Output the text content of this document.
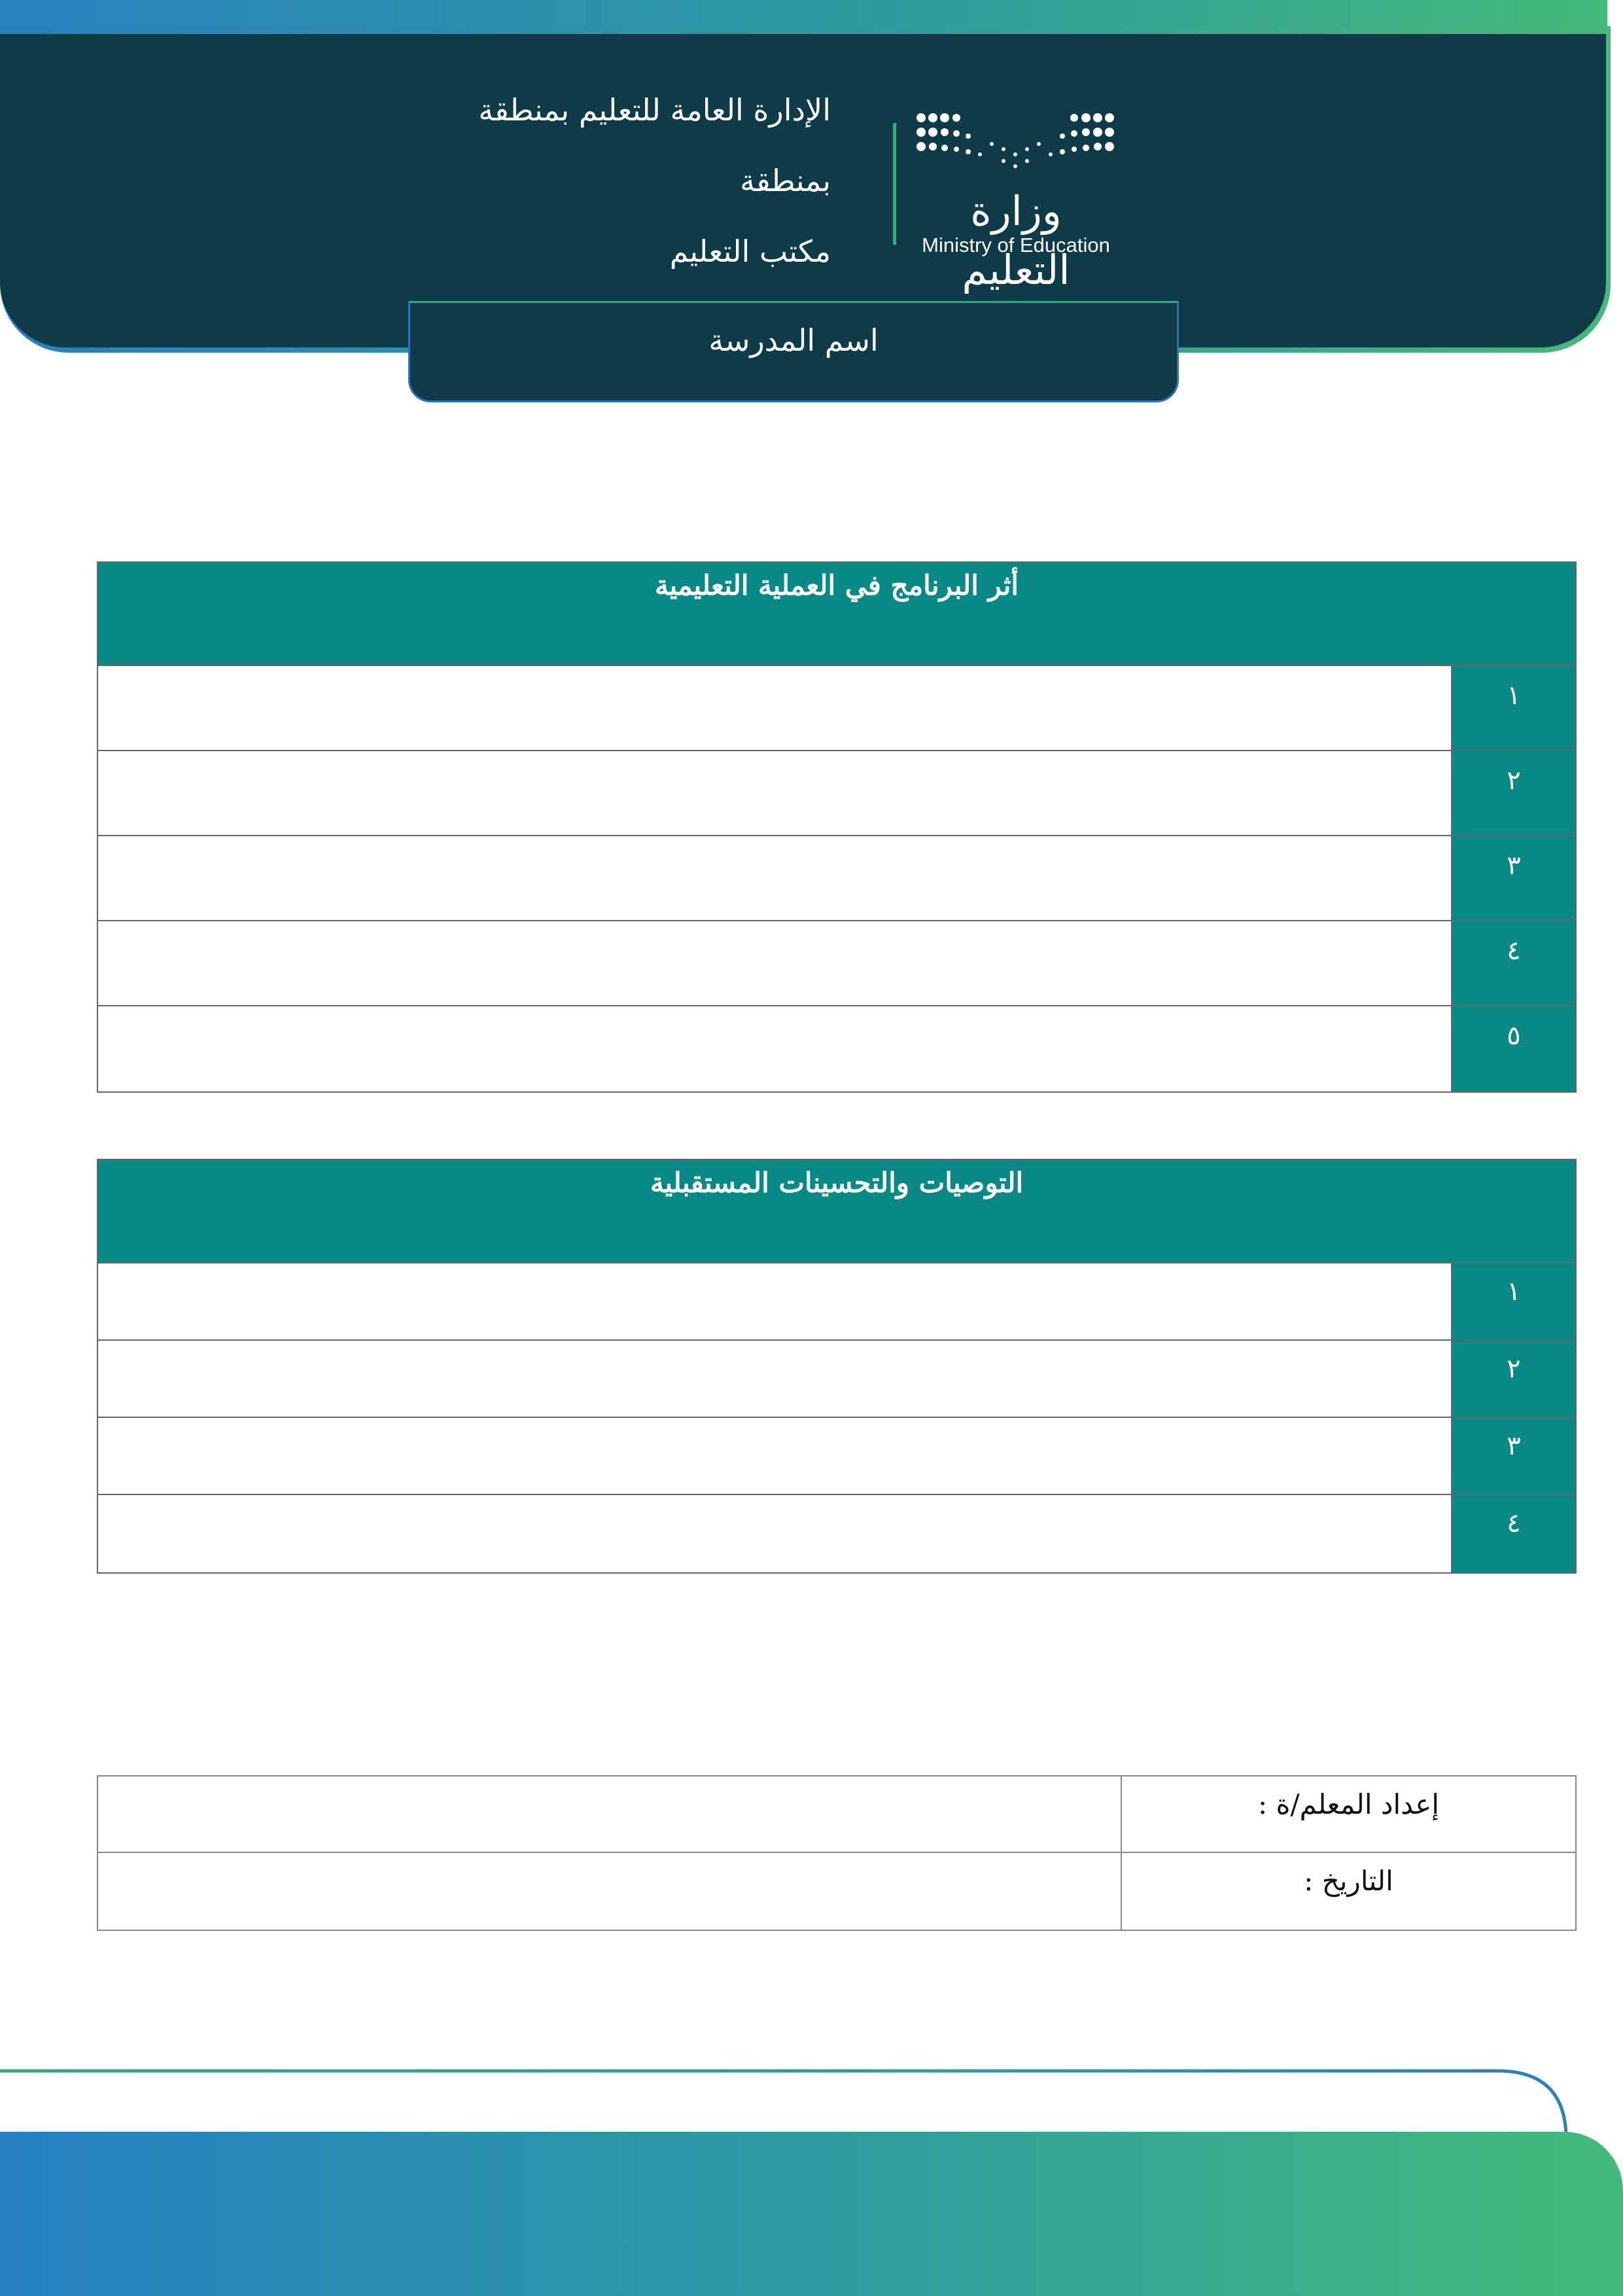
الإدارة العامة للتعليم بمنطقة
بمنطقة
مكتب التعليم
وزارة التعليم
Ministry of Education
اسم المدرسة
أثر البرنامج في العملية التعليمية
١
٢
٣
٤
٥
التوصيات والتحسينات المستقبلية
١
٢
٣
٤
إعداد المعلم/ة :
التاريخ :
